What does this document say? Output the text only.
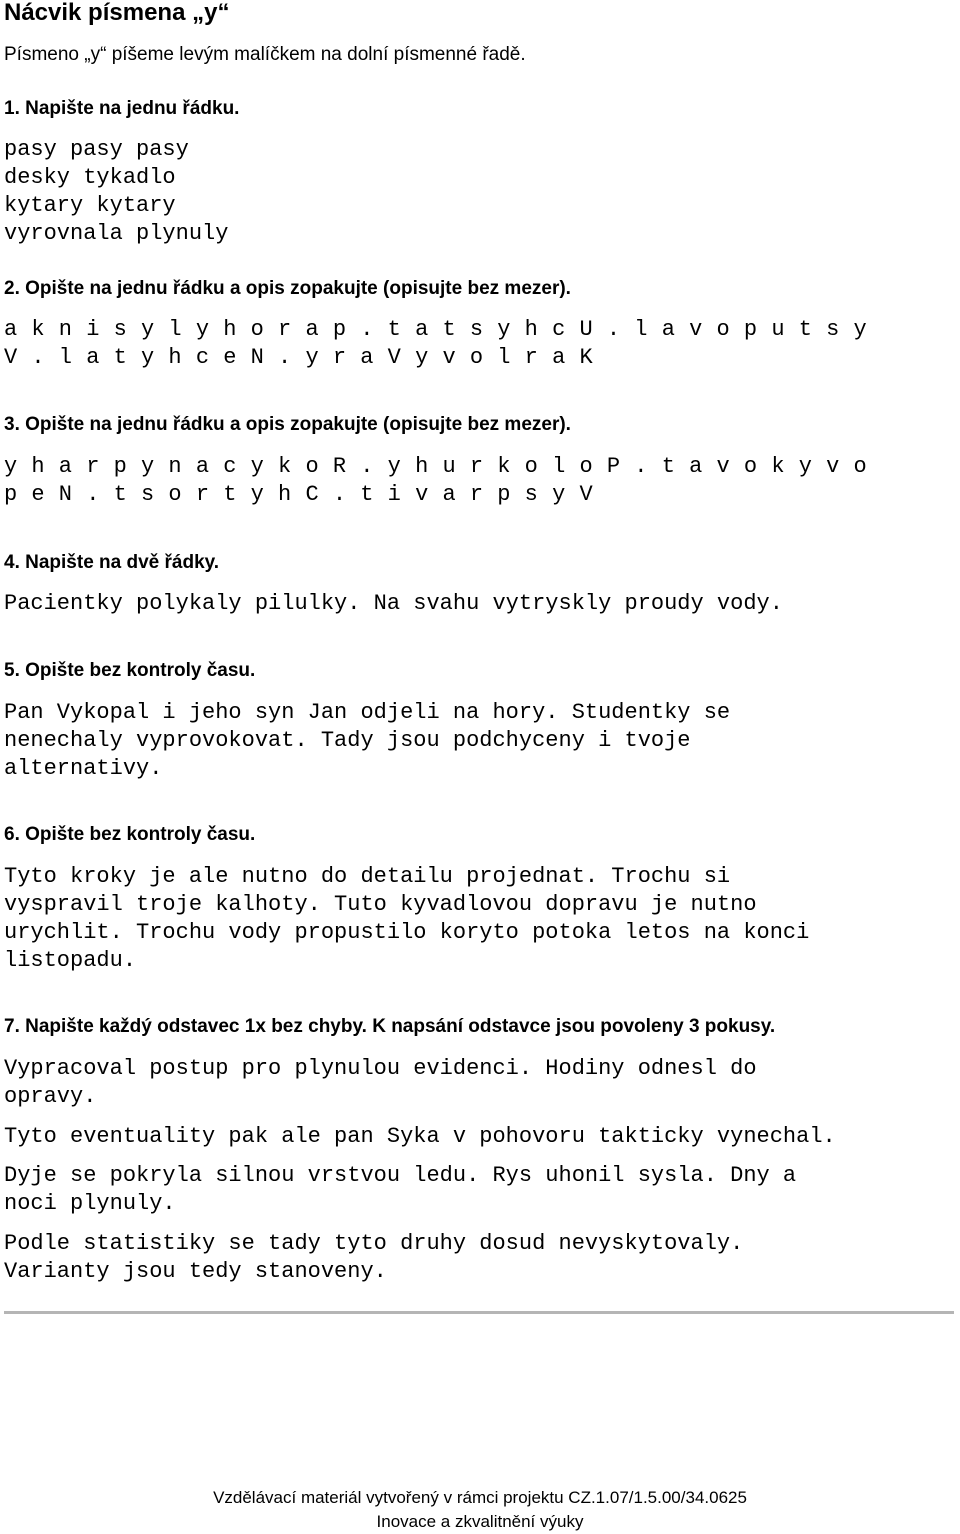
Nácvik písmena „y“
Písmeno „y“ píšeme levým malíčkem na dolní písmenné řadě.
1. Napište na jednu řádku.
pasy pasy pasy
desky tykadlo
kytary kytary
vyrovnala plynuly
2. Opište na jednu řádku a opis zopakujte (opisujte bez mezer).
a k n i s y l y h o r a p . t a t s y h c U . l a v o p u t s y
V . l a t y h c e N . y r a V y v o l r a K
3. Opište na jednu řádku a opis zopakujte (opisujte bez mezer).
y h a r p y n a c y k o R . y h u r k o l o P . t a v o k y v o
p e N . t s o r t y h C . t i v a r p s y V
4. Napište na dvě řádky.
Pacientky polykaly pilulky. Na svahu vytryskly proudy vody.
5. Opište bez kontroly času.
Pan Vykopal i jeho syn Jan odjeli na hory. Studentky se
nenechaly vyprovokovat. Tady jsou podchyceny i tvoje
alternativy.
6. Opište bez kontroly času.
Tyto kroky je ale nutno do detailu projednat. Trochu si
vyspravil troje kalhoty. Tuto kyvadlovou dopravu je nutno
urychlit. Trochu vody propustilo koryto potoka letos na konci
listopadu.
7. Napište každý odstavec 1x bez chyby. K napsání odstavce jsou povoleny 3 pokusy.
Vypracoval postup pro plynulou evidenci. Hodiny odnesl do
opravy.
Tyto eventuality pak ale pan Syka v pohovoru takticky vynechal.
Dyje se pokryla silnou vrstvou ledu. Rys uhonil sysla. Dny a
noci plynuly.
Podle statistiky se tady tyto druhy dosud nevyskytovaly.
Varianty jsou tedy stanoveny.
Vzdělávací materiál vytvořený v rámci projektu CZ.1.07/1.5.00/34.0625
Inovace a zkvalitnění výuky
